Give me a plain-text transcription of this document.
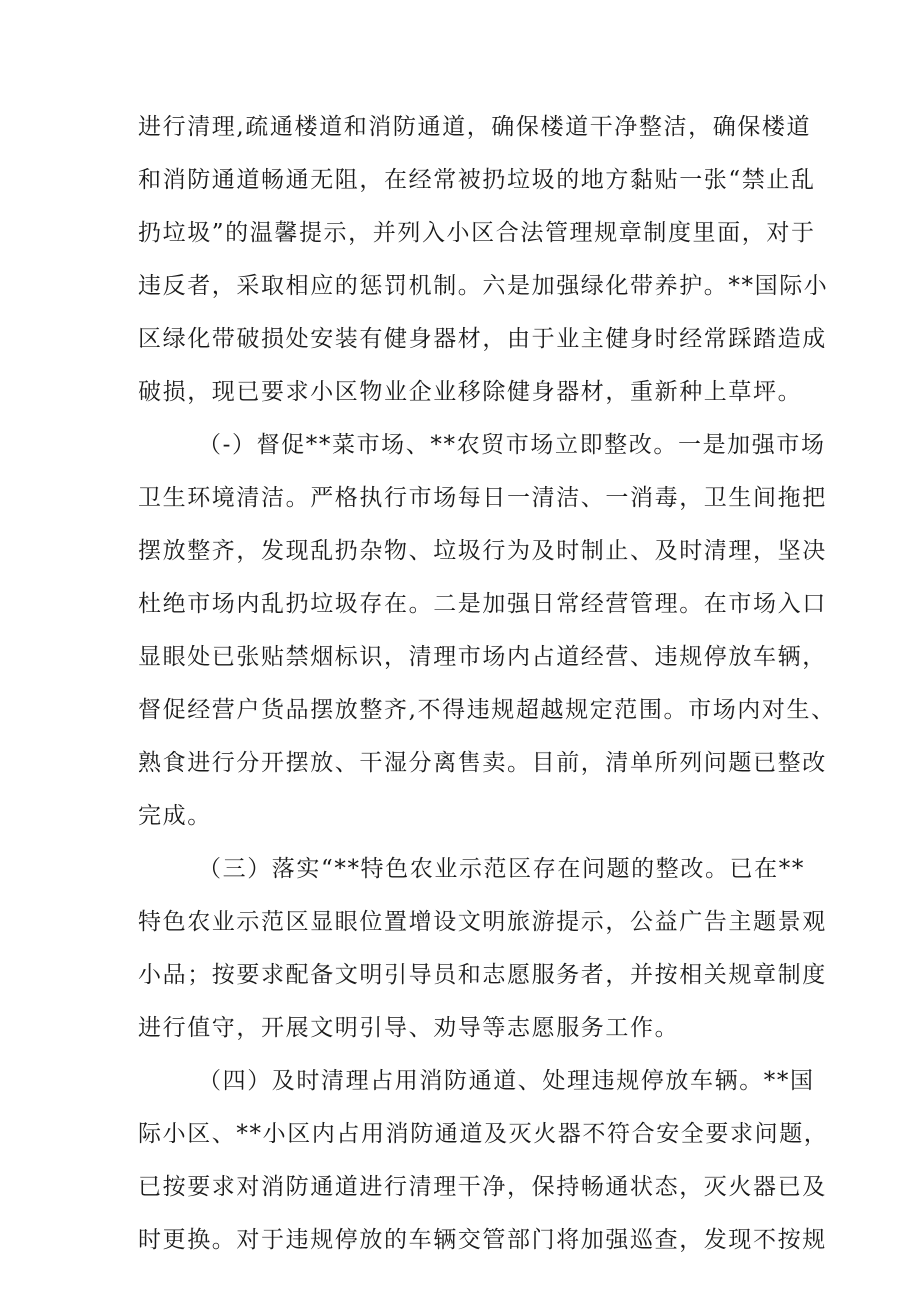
进行清理,疏通楼道和消防通道，确保楼道干净整洁，确保楼道
和消防通道畅通无阻，在经常被扔垃圾的地方黏贴一张“禁止乱
扔垃圾”的温馨提示，并列入小区合法管理规章制度里面，对于
违反者，采取相应的惩罚机制。六是加强绿化带养护。**国际小
区绿化带破损处安装有健身器材，由于业主健身时经常踩踏造成
破损，现已要求小区物业企业移除健身器材，重新种上草坪。
（-）督促**菜市场、**农贸市场立即整改。一是加强市场
卫生环境清洁。严格执行市场每日一清洁、一消毒，卫生间拖把
摆放整齐，发现乱扔杂物、垃圾行为及时制止、及时清理，坚决
杜绝市场内乱扔垃圾存在。二是加强日常经营管理。在市场入口
显眼处已张贴禁烟标识，清理市场内占道经营、违规停放车辆，
督促经营户货品摆放整齐,不得违规超越规定范围。市场内对生、
熟食进行分开摆放、干湿分离售卖。目前，清单所列问题已整改
完成。
（三）落实“**特色农业示范区存在问题的整改。已在**
特色农业示范区显眼位置增设文明旅游提示，公益广告主题景观
小品；按要求配备文明引导员和志愿服务者，并按相关规章制度
进行值守，开展文明引导、劝导等志愿服务工作。
（四）及时清理占用消防通道、处理违规停放车辆。**国
际小区、**小区内占用消防通道及灭火器不符合安全要求问题，
已按要求对消防通道进行清理干净，保持畅通状态，灭火器已及
时更换。对于违规停放的车辆交管部门将加强巡查，发现不按规
